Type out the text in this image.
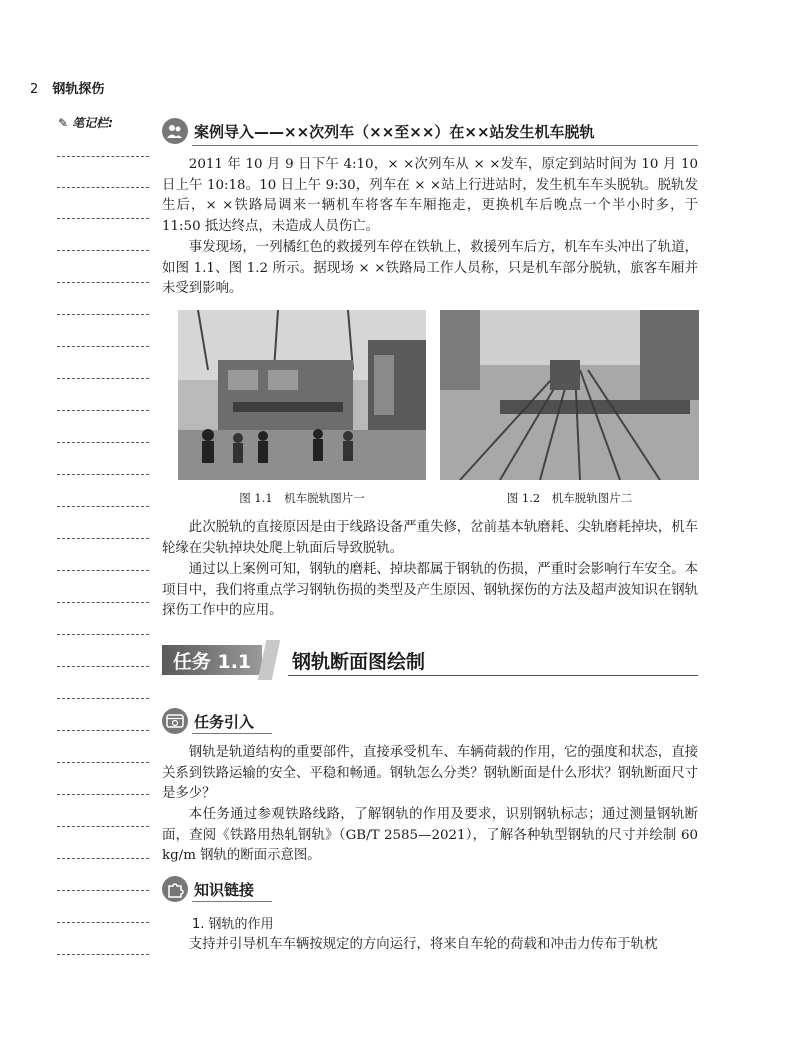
2 钢轨探伤
✎ 笔记栏:	案例导入——××次列车（××至××）在××站发生机车脱轨
2011 年 10 月 9 日下午 4:10，× ×次列车从 × ×发车，原定到站时间为 10 月 10 日上午 10:18。10 日上午 9:30，列车在 × ×站上行进站时，发生机车车头脱轨。脱轨发生后，× ×铁路局调来一辆机车将客车车厢拖走，更换机车后晚点一个半小时多，于 11:50 抵达终点，未造成人员伤亡。
事发现场，一列橘红色的救援列车停在铁轨上，救援列车后方，机车车头冲出了轨道，如图 1.1、图 1.2 所示。据现场 × ×铁路局工作人员称，只是机车部分脱轨，旅客车厢并未受到影响。
图 1.1　机车脱轨图片一	图 1.2　机车脱轨图片二
此次脱轨的直接原因是由于线路设备严重失修，岔前基本轨磨耗、尖轨磨耗掉块，机车轮缘在尖轨掉块处爬上轨面后导致脱轨。
通过以上案例可知，钢轨的磨耗、掉块都属于钢轨的伤损，严重时会影响行车安全。本项目中，我们将重点学习钢轨伤损的类型及产生原因、钢轨探伤的方法及超声波知识在钢轨探伤工作中的应用。
任务 1.1	钢轨断面图绘制
任务引入
钢轨是轨道结构的重要部件，直接承受机车、车辆荷载的作用，它的强度和状态，直接关系到铁路运输的安全、平稳和畅通。钢轨怎么分类？钢轨断面是什么形状？钢轨断面尺寸是多少？
本任务通过参观铁路线路，了解钢轨的作用及要求，识别钢轨标志；通过测量钢轨断面，查阅《铁路用热轧钢轨》（GB/T 2585—2021），了解各种轨型钢轨的尺寸并绘制 60 kg/m 钢轨的断面示意图。
知识链接
1. 钢轨的作用
支持并引导机车车辆按规定的方向运行，将来自车轮的荷载和冲击力传布于轨枕
